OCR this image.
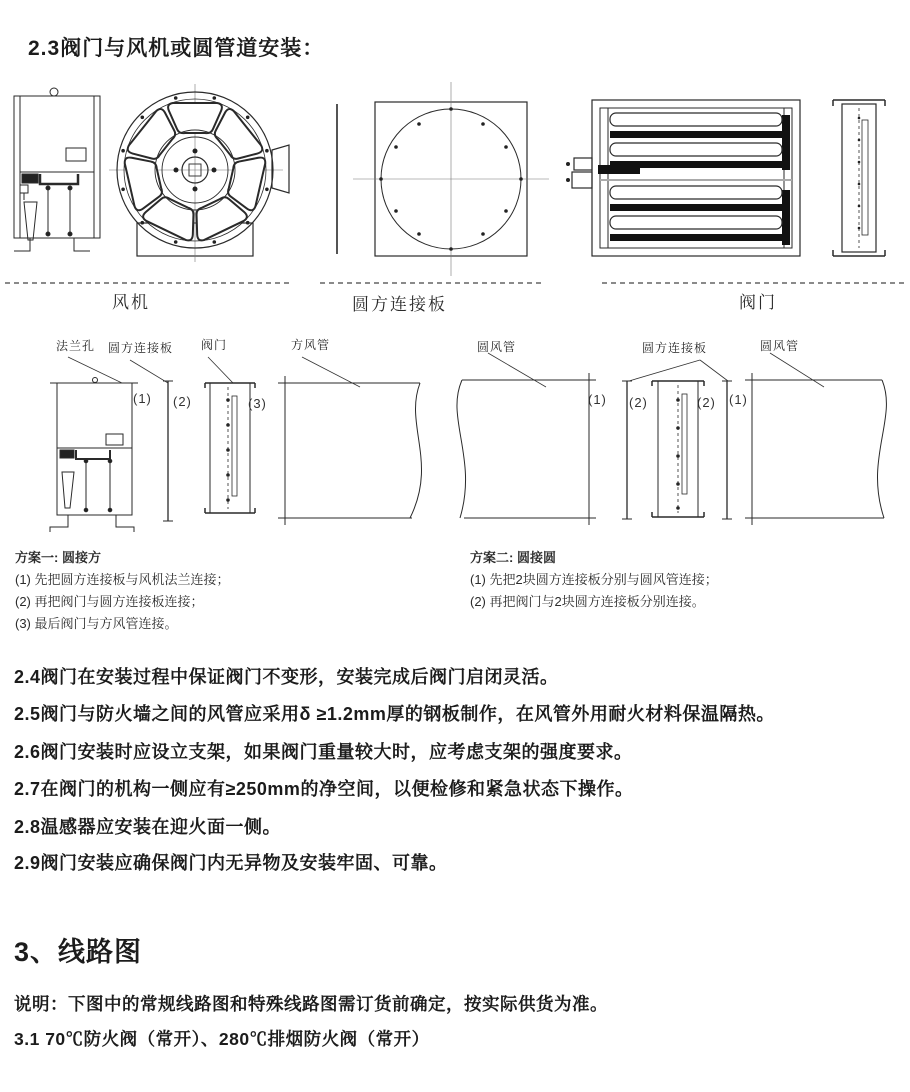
2.3阀门与风机或圆管道安装：
风机	圆方连接板	阀门
法兰孔 圆方连接板 阀门	方风管	圆风管	圆方连接板	圆风管
(1) (2)	(3)	(1) (2)	(2) (1)
方案一: 圆接方
(1) 先把圆方连接板与风机法兰连接；
(2) 再把阀门与圆方连接板连接；
(3) 最后阀门与方风管连接。
方案二: 圆接圆
(1) 先把2块圆方连接板分别与圆风管连接；
(2) 再把阀门与2块圆方连接板分别连接。

2.4阀门在安装过程中保证阀门不变形，安装完成后阀门启闭灵活。

2.5阀门与防火墙之间的风管应采用δ ≥1.2mm厚的钢板制作，在风管外用耐火材料保温隔热。

2.6阀门安装时应设立支架，如果阀门重量较大时，应考虑支架的强度要求。

2.7在阀门的机构一侧应有≥250mm的净空间，以便检修和紧急状态下操作。

2.8温感器应安装在迎火面一侧。

2.9阀门安装应确保阀门内无异物及安装牢固、可靠。

3、线路图
说明：下图中的常规线路图和特殊线路图需订货前确定，按实际供货为准。
3.1 70℃防火阀（常开）、280℃排烟防火阀（常开）
